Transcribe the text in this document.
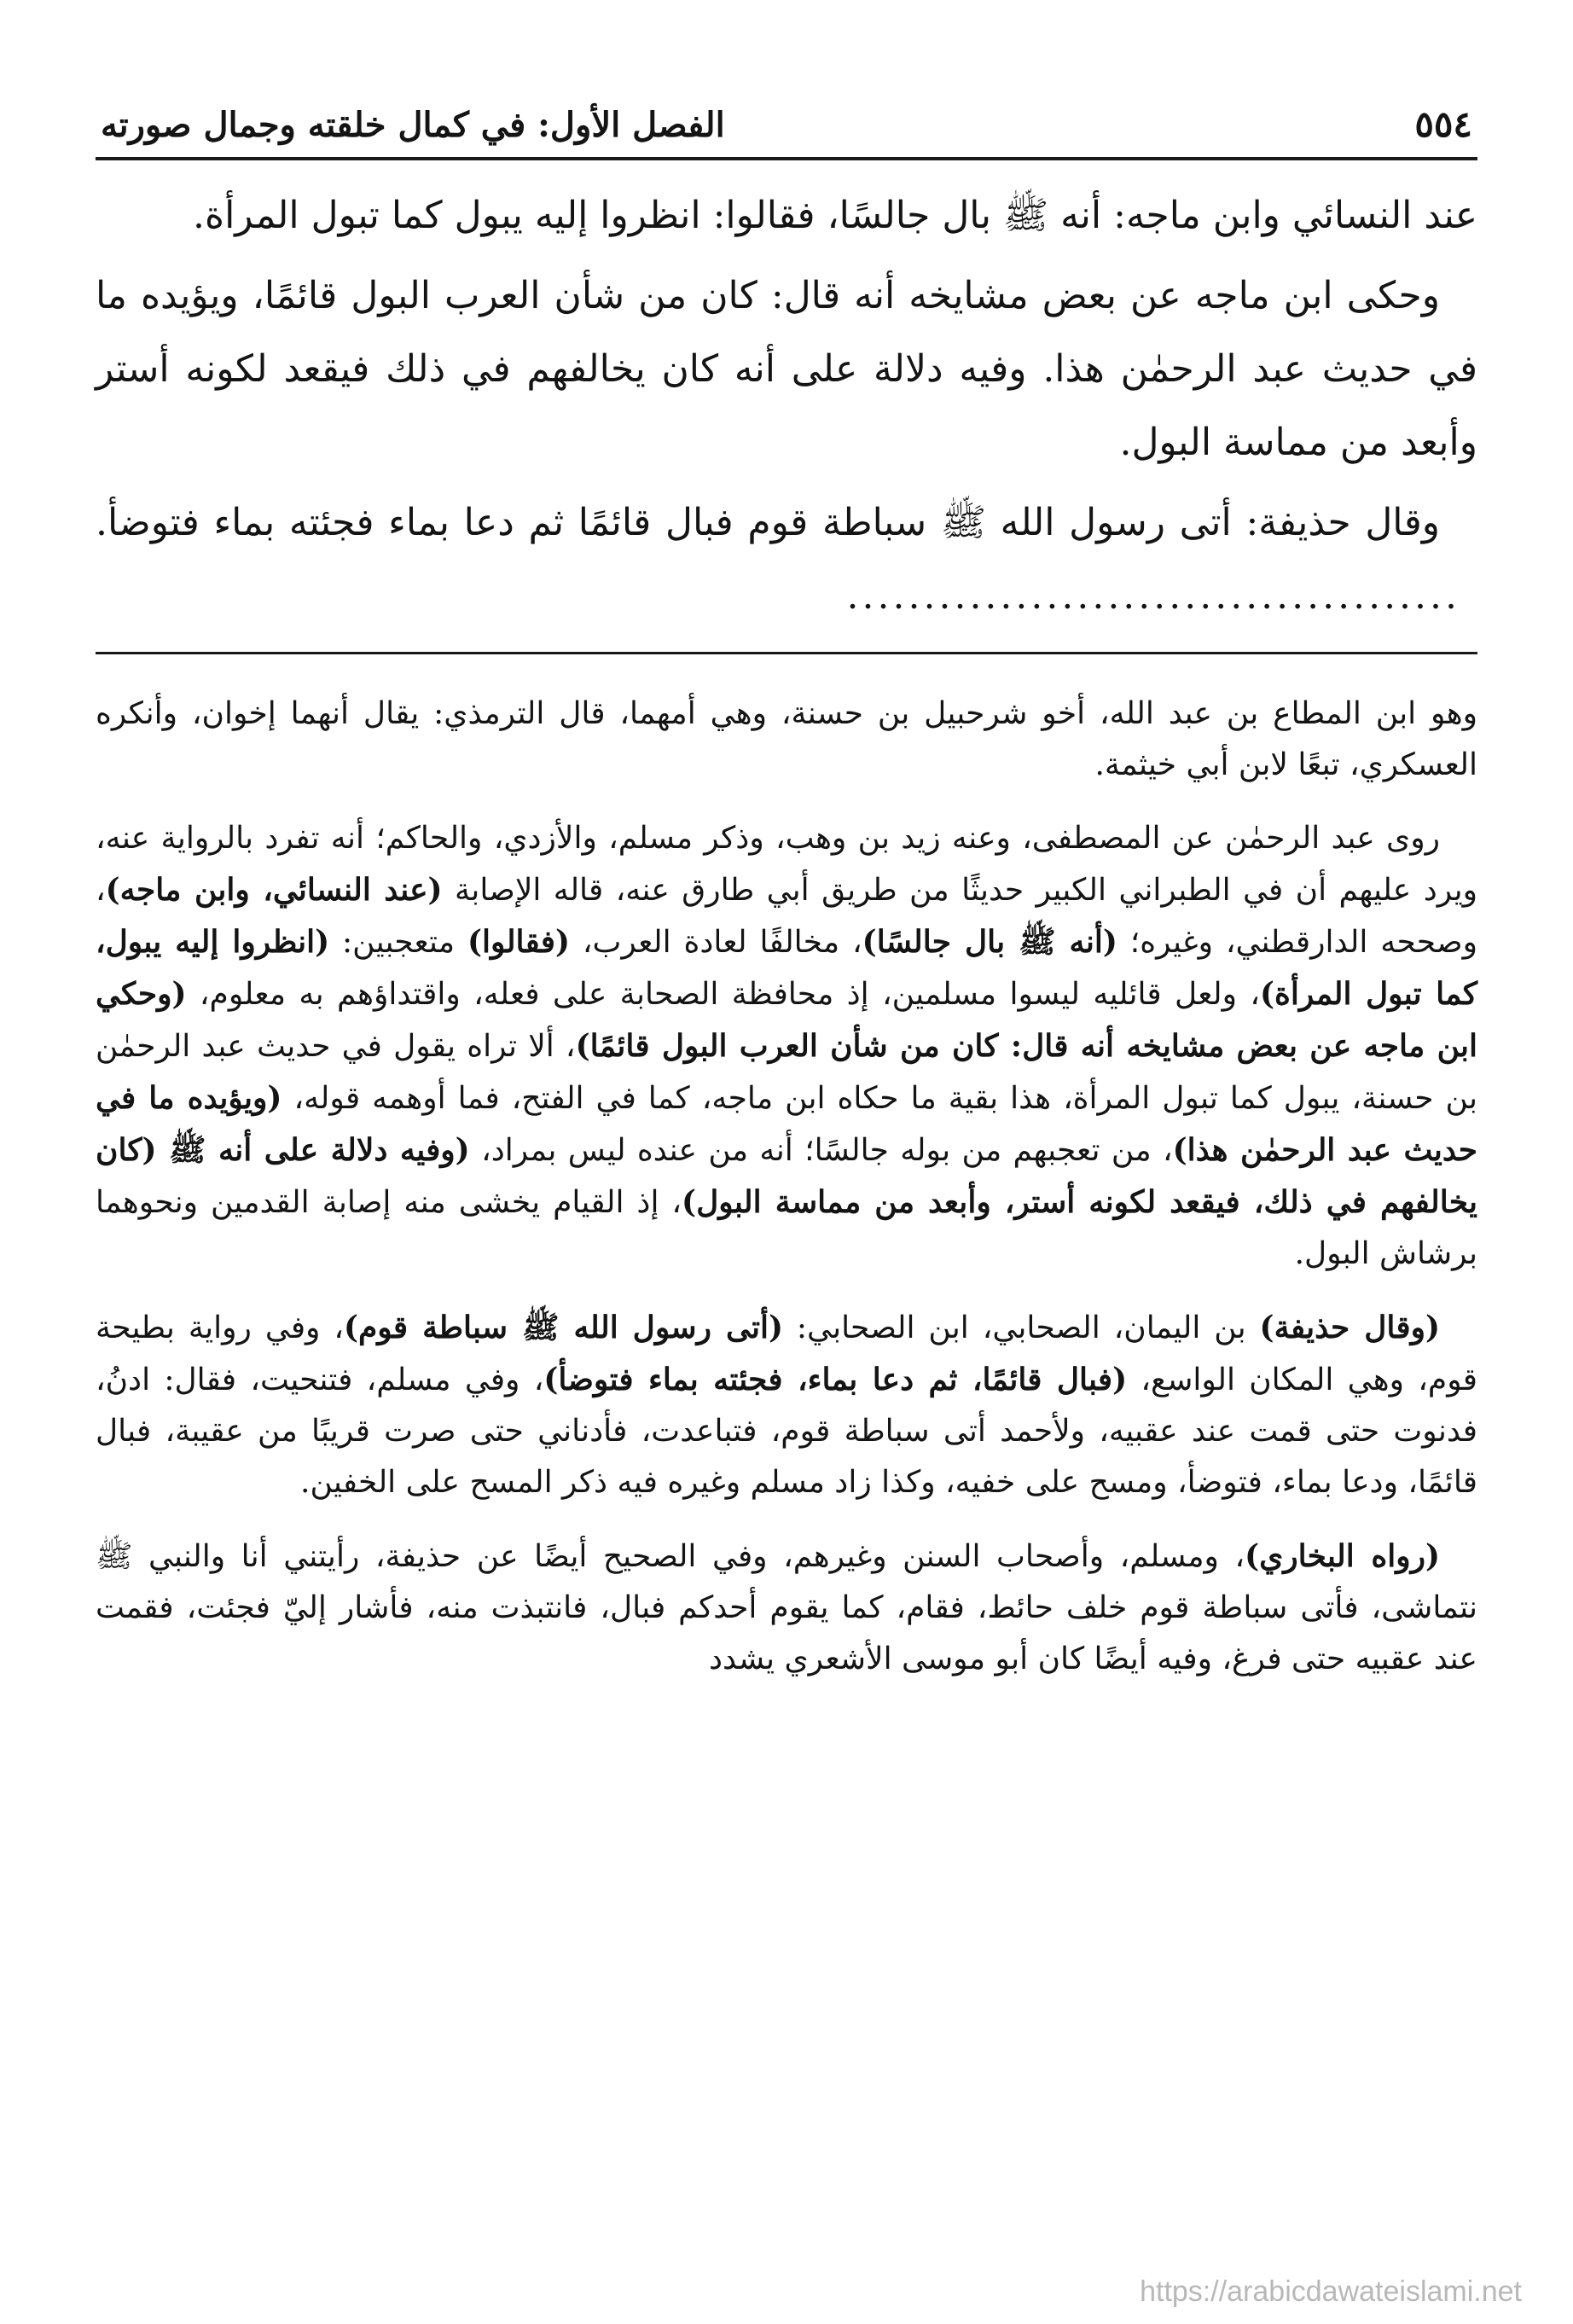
٥٥٤
الفصل الأول: في كمال خلقته وجمال صورته

عند النسائي وابن ماجه: أنه ﷺ بال جالسًا، فقالوا: انظروا إليه يبول كما تبول المرأة.

وحكى ابن ماجه عن بعض مشايخه أنه قال: كان من شأن العرب البول قائمًا، ويؤيده ما في حديث عبد الرحمٰن هذا. وفيه دلالة على أنه كان يخالفهم في ذلك فيقعد لكونه أستر وأبعد من مماسة البول.

وقال حذيفة: أتى رسول الله ﷺ سباطة قوم فبال قائمًا ثم دعا بماء فجئته بماء فتوضأ.........................................

وهو ابن المطاع بن عبد الله، أخو شرحبيل بن حسنة، وهي أمهما، قال الترمذي: يقال أنهما إخوان، وأنكره العسكري، تبعًا لابن أبي خيثمة.

روى عبد الرحمٰن عن المصطفى، وعنه زيد بن وهب، وذكر مسلم، والأزدي، والحاكم؛ أنه تفرد بالرواية عنه، ويرد عليهم أن في الطبراني الكبير حديثًا من طريق أبي طارق عنه، قاله الإصابة (عند النسائي، وابن ماجه)، وصححه الدارقطني، وغيره؛ (أنه ﷺ بال جالسًا)، مخالفًا لعادة العرب، (فقالوا) متعجبين: (انظروا إليه يبول، كما تبول المرأة)، ولعل قائليه ليسوا مسلمين، إذ محافظة الصحابة على فعله، واقتداؤهم به معلوم، (وحكي ابن ماجه عن بعض مشايخه أنه قال: كان من شأن العرب البول قائمًا)، ألا تراه يقول في حديث عبد الرحمٰن بن حسنة، يبول كما تبول المرأة، هذا بقية ما حكاه ابن ماجه، كما في الفتح، فما أوهمه قوله، (ويؤيده ما في حديث عبد الرحمٰن هذا)، من تعجبهم من بوله جالسًا؛ أنه من عنده ليس بمراد، (وفيه دلالة على أنه ﷺ (كان يخالفهم في ذلك، فيقعد لكونه أستر، وأبعد من مماسة البول)، إذ القيام يخشى منه إصابة القدمين ونحوهما برشاش البول.

(وقال حذيفة) بن اليمان، الصحابي، ابن الصحابي: (أتى رسول الله ﷺ سباطة قوم)، وفي رواية بطيحة قوم، وهي المكان الواسع، (فبال قائمًا، ثم دعا بماء، فجئته بماء فتوضأ)، وفي مسلم، فتنحيت، فقال: ادنُ، فدنوت حتى قمت عند عقبيه، ولأحمد أتى سباطة قوم، فتباعدت، فأدناني حتى صرت قريبًا من عقيبة، فبال قائمًا، ودعا بماء، فتوضأ، ومسح على خفيه، وكذا زاد مسلم وغيره فيه ذكر المسح على الخفين.

(رواه البخاري)، ومسلم، وأصحاب السنن وغيرهم، وفي الصحيح أيضًا عن حذيفة، رأيتني أنا والنبي ﷺ نتماشى، فأتى سباطة قوم خلف حائط، فقام، كما يقوم أحدكم فبال، فانتبذت منه، فأشار إليّ فجئت، فقمت عند عقبيه حتى فرغ، وفيه أيضًا كان أبو موسى الأشعري يشدد

https://arabicdawateislami.net
